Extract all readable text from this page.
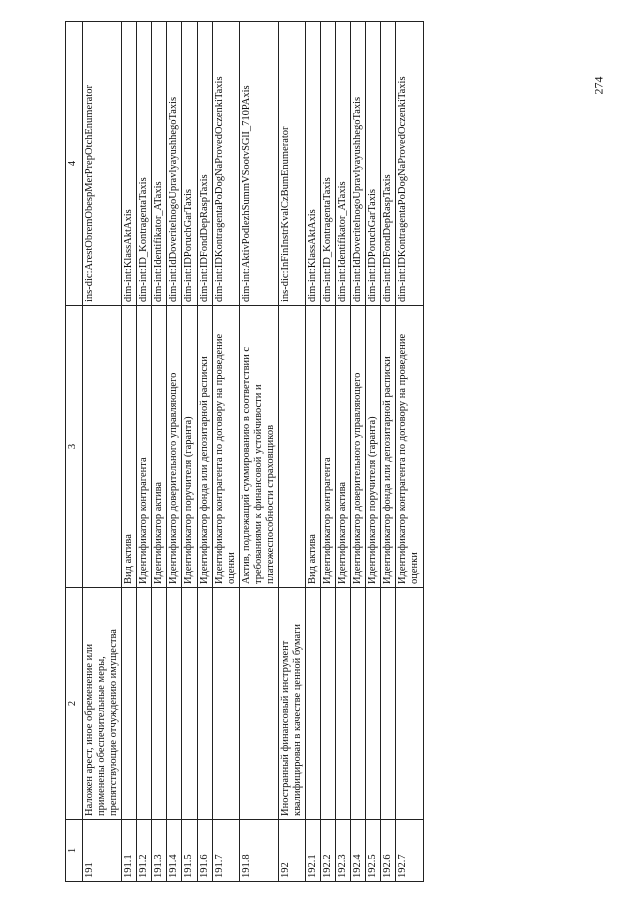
1	2	3	4
191	Наложен арест, иное обременение или применены обеспечительные меры, препятствующие отчуждению имущества		ins-dic:ArestObremObespMerPrepOtchEnumerator
191.1		Вид актива	dim-int:KlassAktAxis
191.2		Идентификатор контрагента	dim-int:ID_KontragentaTaxis
191.3		Идентификатор актива	dim-int:Identifikator_ATaxis
191.4		Идентификатор доверительного управляющего	dim-int:IdDoveritelnogoUpravlyayushhegoTaxis
191.5		Идентификатор поручителя (гаранта)	dim-int:IDPoruchGarTaxis
191.6		Идентификатор фонда или депозитарной расписки	dim-int:IDFondDepRaspTaxis
191.7		Идентификатор контрагента по договору на проведение оценки	dim-int:IDKontragentaPoDogNaProvedOczenkiTaxis
191.8		Актив, подлежащий суммированию в соответствии с требованиями к финансовой устойчивости и платежеспособности страховщиков	dim-int:AktivPodlezhSummVSootvSGlI_710PAxis
192	Иностранный финансовый инструмент квалифицирован в качестве ценной бумаги		ins-dic:InFinInstrKvalCzBumEnumerator
192.1		Вид актива	dim-int:KlassAktAxis
192.2		Идентификатор контрагента	dim-int:ID_KontragentaTaxis
192.3		Идентификатор актива	dim-int:Identifikator_ATaxis
192.4		Идентификатор доверительного управляющего	dim-int:IdDoveritelnogoUpravlyayushhegoTaxis
192.5		Идентификатор поручителя (гаранта)	dim-int:IDPoruchGarTaxis
192.6		Идентификатор фонда или депозитарной расписки	dim-int:IDFondDepRaspTaxis
192.7		Идентификатор контрагента по договору на проведение оценки	dim-int:IDKontragentaPoDogNaProvedOczenkiTaxis	274
